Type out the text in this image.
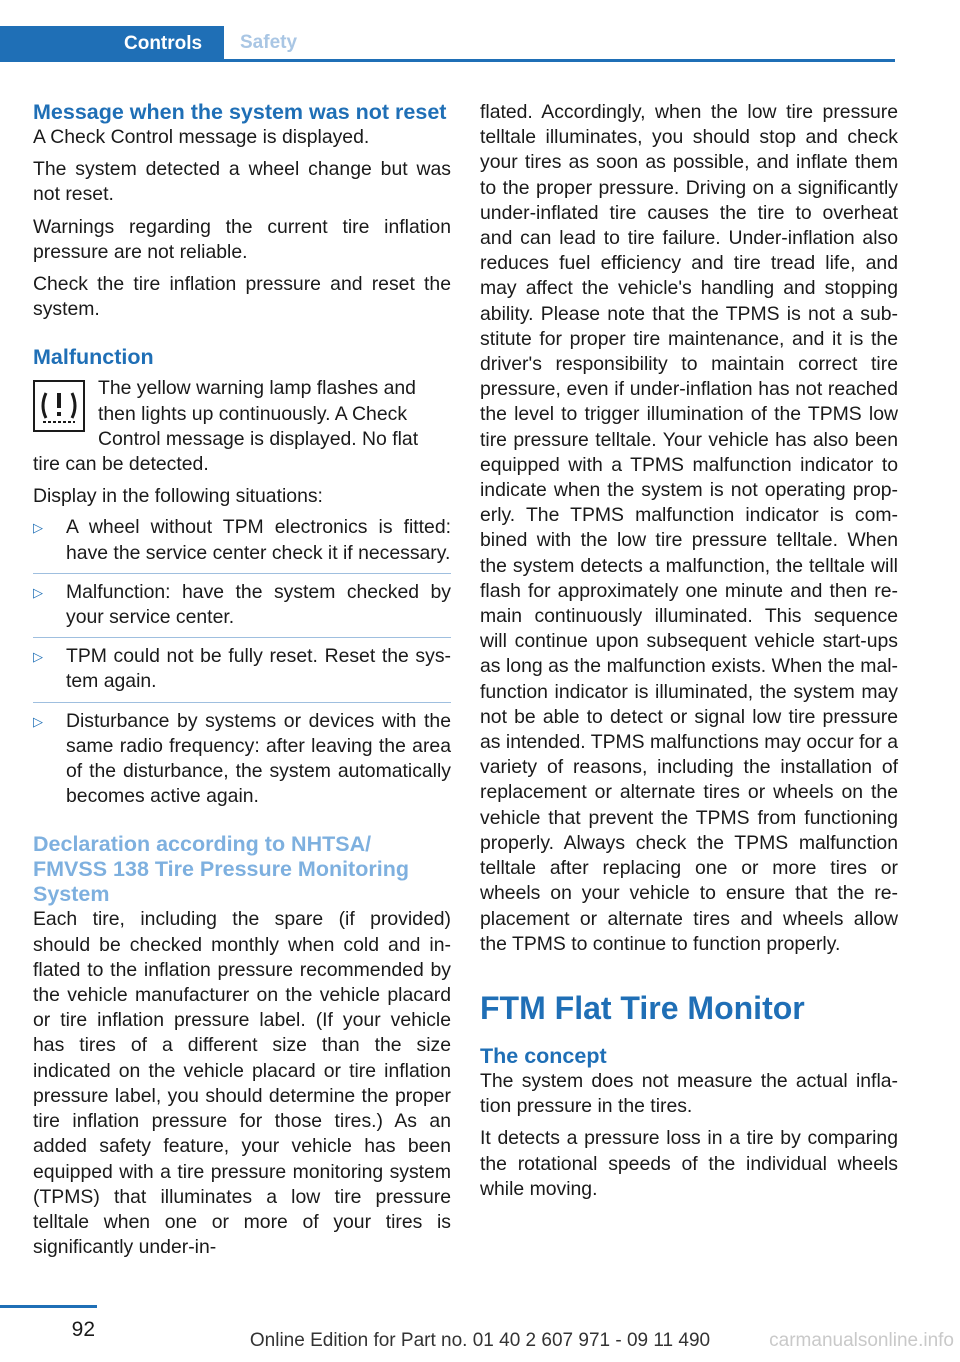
Controls	Safety
Message when the system was not reset

A Check Control message is displayed.

The system detected a wheel change but was not reset.

Warnings regarding the current tire inflation pressure are not reliable.

Check the tire inflation pressure and reset the system.

Malfunction

The yellow warning lamp flashes and then lights up continuously. A Check Control message is displayed. No flat

tire can be detected.

Display in the following situations:

▷	A wheel without TPM electronics is fitted: have the service center check it if necessary.
▷	Malfunction: have the system checked by your service center.
▷	TPM could not be fully reset. Reset the system again.
▷	Disturbance by systems or devices with the same radio frequency: after leaving the area of the disturbance, the system automatically becomes active again.
Declaration according to NHTSA/ FMVSS 138 Tire Pressure Monitoring System

Each tire, including the spare (if provided) should be checked monthly when cold and inflated to the inflation pressure recommended by the vehicle manufacturer on the vehicle placard or tire inflation pressure label. (If your vehicle has tires of a different size than the size indicated on the vehicle placard or tire inflation pressure label, you should determine the proper tire inflation pressure for those tires.) As an added safety feature, your vehicle has been equipped with a tire pressure monitoring system (TPMS) that illuminates a low tire pressure telltale when one or more of your tires is significantly under-in-

flated. Accordingly, when the low tire pressure telltale illuminates, you should stop and check your tires as soon as possible, and inflate them to the proper pressure. Driving on a significantly under-inflated tire causes the tire to overheat and can lead to tire failure. Under-inflation also reduces fuel efficiency and tire tread life, and may affect the vehicle's handling and stopping ability. Please note that the TPMS is not a substitute for proper tire maintenance, and it is the driver's responsibility to maintain correct tire pressure, even if under-inflation has not reached the level to trigger illumination of the TPMS low tire pressure telltale. Your vehicle has also been equipped with a TPMS malfunction indicator to indicate when the system is not operating properly. The TPMS malfunction indicator is combined with the low tire pressure telltale. When the system detects a malfunction, the telltale will flash for approximately one minute and then remain continuously illuminated. This sequence will continue upon subsequent vehicle start-ups as long as the malfunction exists. When the malfunction indicator is illuminated, the system may not be able to detect or signal low tire pressure as intended. TPMS malfunctions may occur for a variety of reasons, including the installation of replacement or alternate tires or wheels on the vehicle that prevent the TPMS from functioning properly. Always check the TPMS malfunction telltale after replacing one or more tires or wheels on your vehicle to ensure that the replacement or alternate tires and wheels allow the TPMS to continue to function properly.

FTM Flat Tire Monitor
The concept

The system does not measure the actual inflation pressure in the tires.

It detects a pressure loss in a tire by comparing the rotational speeds of the individual wheels while moving.

92	Online Edition for Part no. 01 40 2 607 971 - 09 11 490	carmanualsonline.info
